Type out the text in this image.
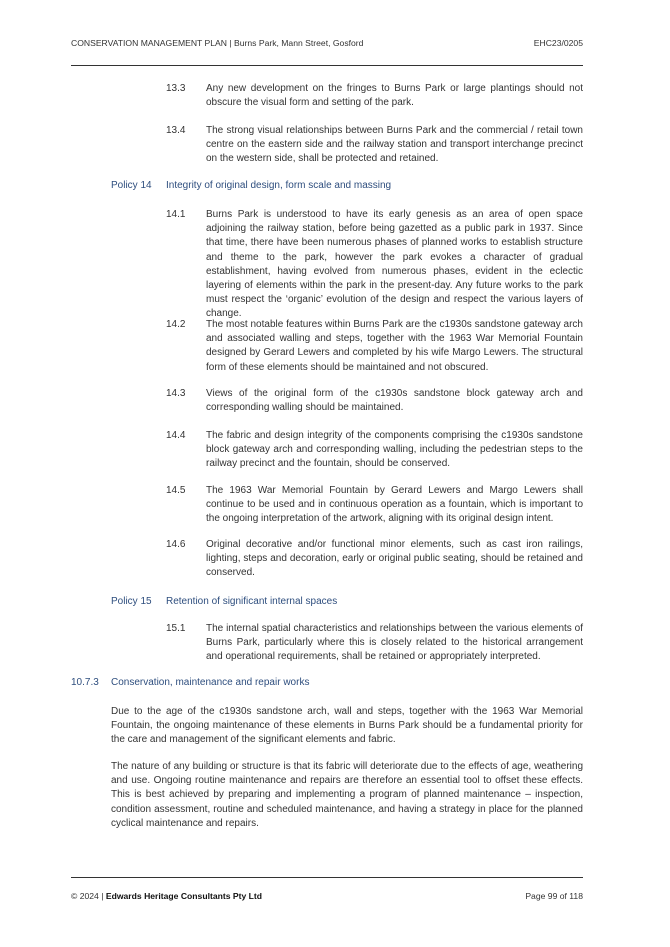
CONSERVATION MANAGEMENT PLAN | Burns Park, Mann Street, Gosford	EHC23/0205
13.3	Any new development on the fringes to Burns Park or large plantings should not obscure the visual form and setting of the park.
13.4	The strong visual relationships between Burns Park and the commercial / retail town centre on the eastern side and the railway station and transport interchange precinct on the western side, shall be protected and retained.
Policy 14	Integrity of original design, form scale and massing
14.1	Burns Park is understood to have its early genesis as an area of open space adjoining the railway station, before being gazetted as a public park in 1937. Since that time, there have been numerous phases of planned works to establish structure and theme to the park, however the park evokes a character of gradual establishment, having evolved from numerous phases, evident in the eclectic layering of elements within the park in the present-day. Any future works to the park must respect the ‘organic’ evolution of the design and respect the various layers of change.
14.2	The most notable features within Burns Park are the c1930s sandstone gateway arch and associated walling and steps, together with the 1963 War Memorial Fountain designed by Gerard Lewers and completed by his wife Margo Lewers. The structural form of these elements should be maintained and not obscured.
14.3	Views of the original form of the c1930s sandstone block gateway arch and corresponding walling should be maintained.
14.4	The fabric and design integrity of the components comprising the c1930s sandstone block gateway arch and corresponding walling, including the pedestrian steps to the railway precinct and the fountain, should be conserved.
14.5	The 1963 War Memorial Fountain by Gerard Lewers and Margo Lewers shall continue to be used and in continuous operation as a fountain, which is important to the ongoing interpretation of the artwork, aligning with its original design intent.
14.6	Original decorative and/or functional minor elements, such as cast iron railings, lighting, steps and decoration, early or original public seating, should be retained and conserved.
Policy 15	Retention of significant internal spaces
15.1	The internal spatial characteristics and relationships between the various elements of Burns Park, particularly where this is closely related to the historical arrangement and operational requirements, shall be retained or appropriately interpreted.
10.7.3	Conservation, maintenance and repair works

Due to the age of the c1930s sandstone arch, wall and steps, together with the 1963 War Memorial Fountain, the ongoing maintenance of these elements in Burns Park should be a fundamental priority for the care and management of the significant elements and fabric.

The nature of any building or structure is that its fabric will deteriorate due to the effects of age, weathering and use. Ongoing routine maintenance and repairs are therefore an essential tool to offset these effects. This is best achieved by preparing and implementing a program of planned maintenance – inspection, condition assessment, routine and scheduled maintenance, and having a strategy in place for the planned cyclical maintenance and repairs.

© 2024 | Edwards Heritage Consultants Pty Ltd	Page 99 of 118
